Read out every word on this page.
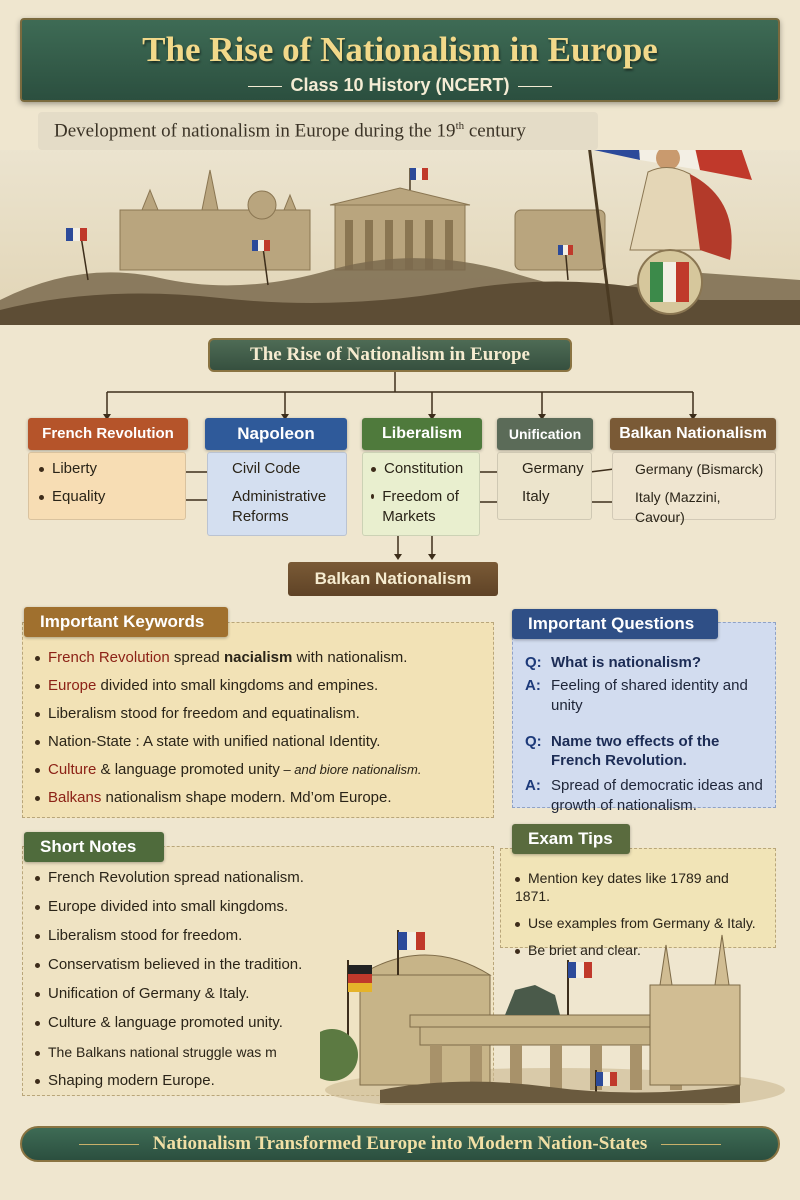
The Rise of Nationalism in Europe
Class 10 History (NCERT)
Development of nationalism in Europe during the 19th century
The Rise of Nationalism in Europe
French Revolution
Liberty
Equality
Napoleon
Civil Code
Administrative Reforms
Liberalism
Constitution
Freedom of Markets
Unification
Germany
Italy
Balkan Nationalism
Germany (Bismarck)
Italy (Mazzini, Cavour)
Balkan Nationalism
French Revolution spread nacialism with nationalism.
Europe divided into small kingdoms and empines.
Liberalism stood for freedom and equatinalism.
Nation-State : A state with unified national Identity.
Culture & language promoted unity – and biore nationalism.
Balkans nationalism shape modern. Md’om Europe.
Important Keywords
Q: What is nationalism?
A: Feeling of shared identity and unity
Q: Name two effects of the French Revolution.
A: Spread of democratic ideas and growth of nationalism.
Important Questions
French Revolution spread nationalism.
Europe divided into small kingdoms.
Liberalism stood for freedom.
Conservatism believed in the tradition.
Unification of Germany & Italy.
Culture & language promoted unity.
The Balkans national struggle was m
Shaping modern Europe.
Short Notes
Mention key dates like 1789 and 1871.
Use examples from Germany & Italy.
Be briet and clear.
Exam Tips
Nationalism Transformed Europe into Modern Nation-States
